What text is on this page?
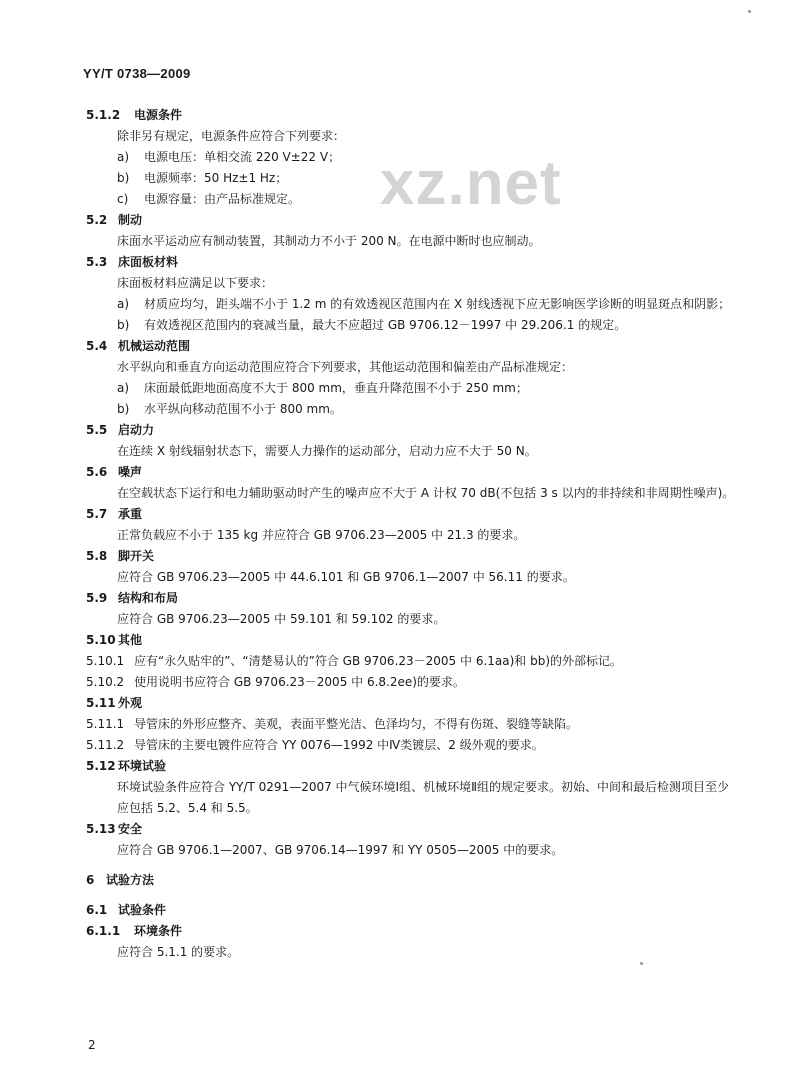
YY/T 0738—2009
xz.net
5.1.2 电源条件
除非另有规定，电源条件应符合下列要求：
a)	电源电压：单相交流 220 V±22 V；
b)	电源频率：50 Hz±1 Hz；
c)	电源容量：由产品标准规定。
5.2 制动
床面水平运动应有制动装置，其制动力不小于 200 N。在电源中断时也应制动。
5.3 床面板材料
床面板材料应满足以下要求：
a)	材质应均匀，距头端不小于 1.2 m 的有效透视区范围内在 X 射线透视下应无影响医学诊断的明显斑点和阴影；
b)	有效透视区范围内的衰减当量，最大不应超过 GB 9706.12－1997 中 29.206.1 的规定。
5.4 机械运动范围
水平纵向和垂直方向运动范围应符合下列要求，其他运动范围和偏差由产品标准规定：
a)	床面最低距地面高度不大于 800 mm，垂直升降范围不小于 250 mm；
b)	水平纵向移动范围不小于 800 mm。
5.5 启动力
在连续 X 射线辐射状态下，需要人力操作的运动部分，启动力应不大于 50 N。
5.6 噪声
在空载状态下运行和电力辅助驱动时产生的噪声应不大于 A 计权 70 dB(不包括 3 s 以内的非持续和非周期性噪声)。
5.7 承重
正常负载应不小于 135 kg 并应符合 GB 9706.23—2005 中 21.3 的要求。
5.8 脚开关
应符合 GB 9706.23—2005 中 44.6.101 和 GB 9706.1—2007 中 56.11 的要求。
5.9 结构和布局
应符合 GB 9706.23—2005 中 59.101 和 59.102 的要求。
5.10 其他
5.10.1 应有“永久贴牢的”、“清楚易认的”符合 GB 9706.23－2005 中 6.1aa)和 bb)的外部标记。
5.10.2 使用说明书应符合 GB 9706.23－2005 中 6.8.2ee)的要求。
5.11 外观
5.11.1 导管床的外形应整齐、美观，表面平整光洁、色泽均匀，不得有伤斑、裂缝等缺陷。
5.11.2 导管床的主要电镀件应符合 YY 0076—1992 中Ⅳ类镀层、2 级外观的要求。
5.12 环境试验
环境试验条件应符合 YY/T 0291—2007 中气候环境Ⅰ组、机械环境Ⅱ组的规定要求。初始、中间和最后检测项目至少应包括 5.2、5.4 和 5.5。
5.13 安全
应符合 GB 9706.1—2007、GB 9706.14—1997 和 YY 0505—2005 中的要求。
6 试验方法
6.1 试验条件
6.1.1 环境条件
应符合 5.1.1 的要求。
2
